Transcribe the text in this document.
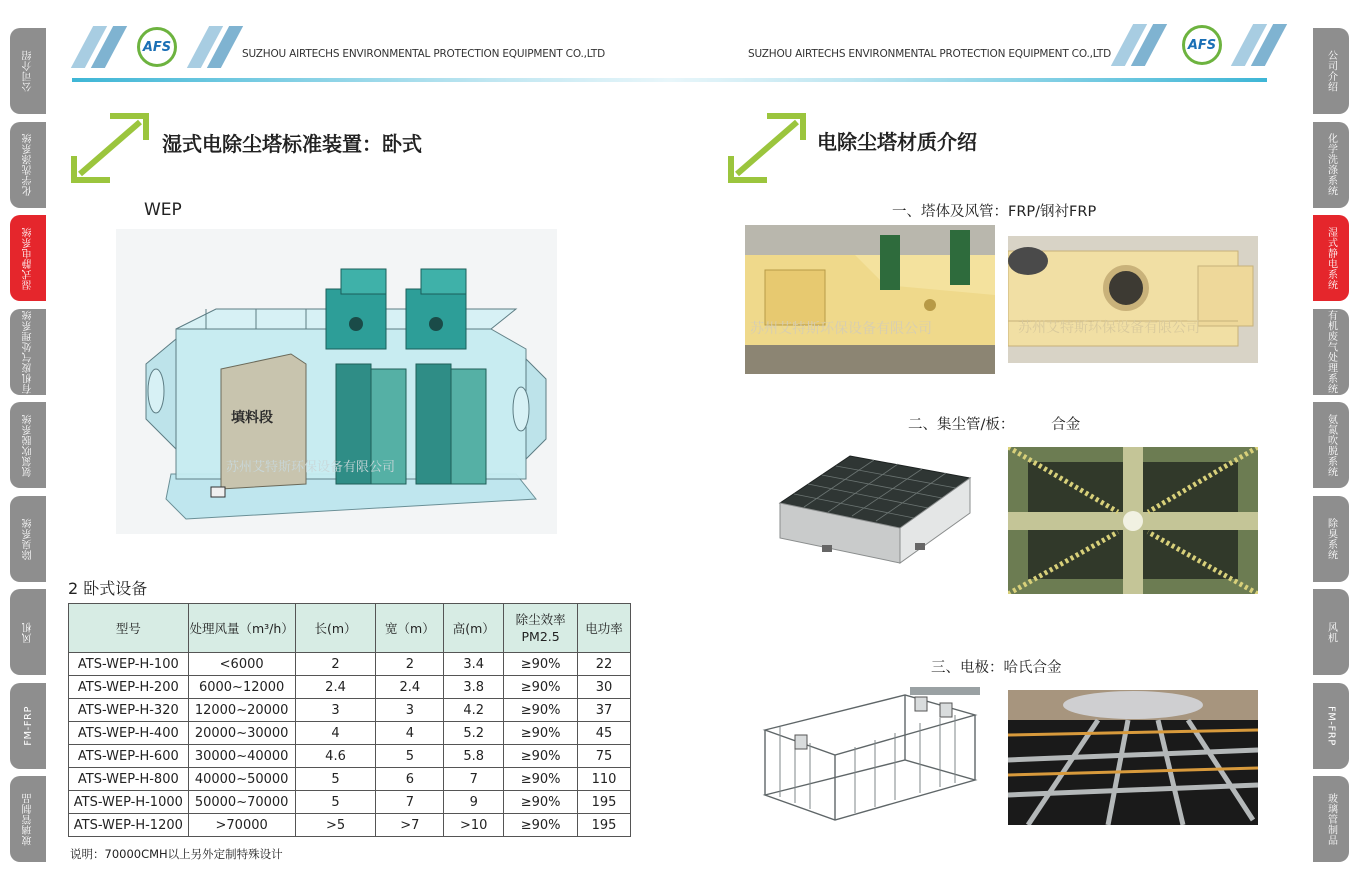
公司介绍
化学洗涤系统
湿式静电系统
有机废气处理系统
氨氮吹脱系统
除臭系统
风机
FM-FRP
玻璃管制品
公司介绍
化学洗涤系统
湿式静电系统
有机废气处理系统
氨氮吹脱系统
除臭系统
风机
FM-FRP
玻璃管制品
AFS	SUZHOU AIRTECHS ENVIRONMENTAL PROTECTION EQUIPMENT CO.,LTD	SUZHOU AIRTECHS ENVIRONMENTAL PROTECTION EQUIPMENT CO.,LTD
AFS
湿式电除尘塔标准装置：卧式
WEP
填料段
苏州艾特斯环保设备有限公司
2 卧式设备
型号	处理风量（m³/h）	长(m）	宽（m）	高(m）	除尘效率PM2.5	电功率
ATS-WEP-H-100	<6000	2	2	3.4	≥90%	22
ATS-WEP-H-200	6000~12000	2.4	2.4	3.8	≥90%	30
ATS-WEP-H-320	12000~20000	3	3	4.2	≥90%	37
ATS-WEP-H-400	20000~30000	4	4	5.2	≥90%	45
ATS-WEP-H-600	30000~40000	4.6	5	5.8	≥90%	75
ATS-WEP-H-800	40000~50000	5	6	7	≥90%	110
ATS-WEP-H-1000	50000~70000	5	7	9	≥90%	195
ATS-WEP-H-1200	>70000	>5	>7	>10	≥90%	195
说明：70000CMH以上另外定制特殊设计
电除尘塔材质介绍
一、塔体及风管：FRP/钢衬FRP
苏州艾特斯环保设备有限公司	苏州艾特斯环保设备有限公司
二、集尘管/板：        合金
三、电极：哈氏合金
